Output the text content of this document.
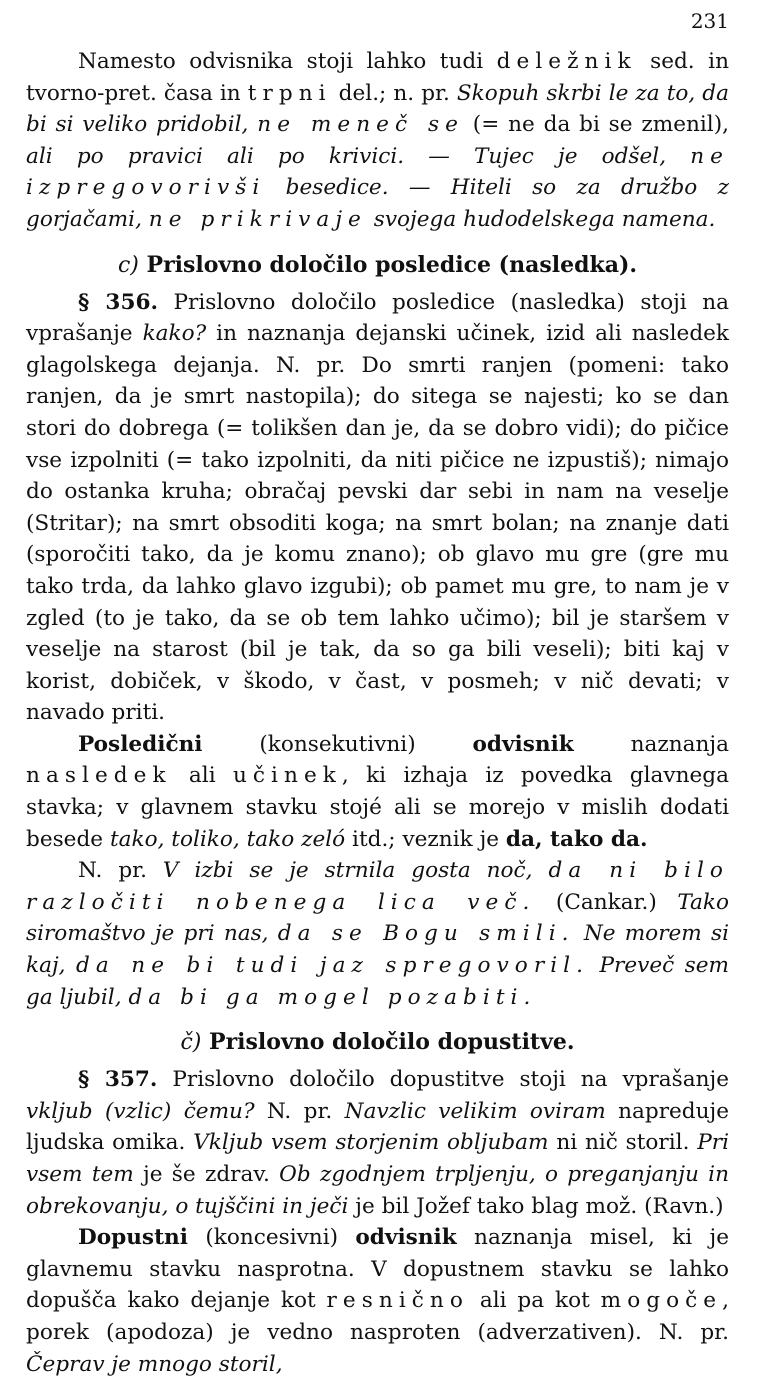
231

Namesto odvisnika stoji lahko tudi deležnik sed. in tvorno-pret. časa in trpni del.; n. pr. Skopuh skrbi le za to, da bi si veliko pridobil, ne meneč se (= ne da bi se zmenil), ali po pravici ali po krivici. — Tujec je odšel, ne izpregovorivši besedice. — Hiteli so za družbo z gorjačami, ne prikrivaje svojega hudodelskega namena.

c) Prislovno določilo posledice (nasledka).

§ 356. Prislovno določilo posledice (nasledka) stoji na vprašanje kako? in naznanja dejanski učinek, izid ali nasledek glagolskega dejanja. N. pr. Do smrti ranjen (pomeni: tako ranjen, da je smrt nastopila); do sitega se najesti; ko se dan stori do dobrega (= tolikšen dan je, da se dobro vidi); do pičice vse izpolniti (= tako izpolniti, da niti pičice ne izpustiš); nimajo do ostanka kruha; obračaj pevski dar sebi in nam na veselje (Stritar); na smrt obsoditi koga; na smrt bolan; na znanje dati (sporočiti tako, da je komu znano); ob glavo mu gre (gre mu tako trda, da lahko glavo izgubi); ob pamet mu gre, to nam je v zgled (to je tako, da se ob tem lahko učimo); bil je staršem v veselje na starost (bil je tak, da so ga bili veseli); biti kaj v korist, dobiček, v škodo, v čast, v posmeh; v nič devati; v navado priti.

Posledični (konsekutivni) odvisnik naznanja nasledek ali učinek, ki izhaja iz povedka glavnega stavka; v glavnem stavku stojé ali se morejo v mislih dodati besede tako, toliko, tako zeló itd.; veznik je da, tako da.

N. pr. V izbi se je strnila gosta noč, da ni bilo razločiti nobenega lica več. (Cankar.) Tako siromaštvo je pri nas, da se Bogu smili. Ne morem si kaj, da ne bi tudi jaz spregovoril. Preveč sem ga ljubil, da bi ga mogel pozabiti.

č) Prislovno določilo dopustitve.

§ 357. Prislovno določilo dopustitve stoji na vprašanje vkljub (vzlic) čemu? N. pr. Navzlic velikim oviram napreduje ljudska omika. Vkljub vsem storjenim obljubam ni nič storil. Pri vsem tem je še zdrav. Ob zgodnjem trpljenju, o preganjanju in obrekovanju, o tujščini in ječi je bil Jožef tako blag mož. (Ravn.)

Dopustni (koncesivni) odvisnik naznanja misel, ki je glavnemu stavku nasprotna. V dopustnem stavku se lahko dopušča kako dejanje kot resnično ali pa kot mogoče, porek (apodoza) je vedno nasproten (adverzativen). N. pr. Čeprav je mnogo storil,
